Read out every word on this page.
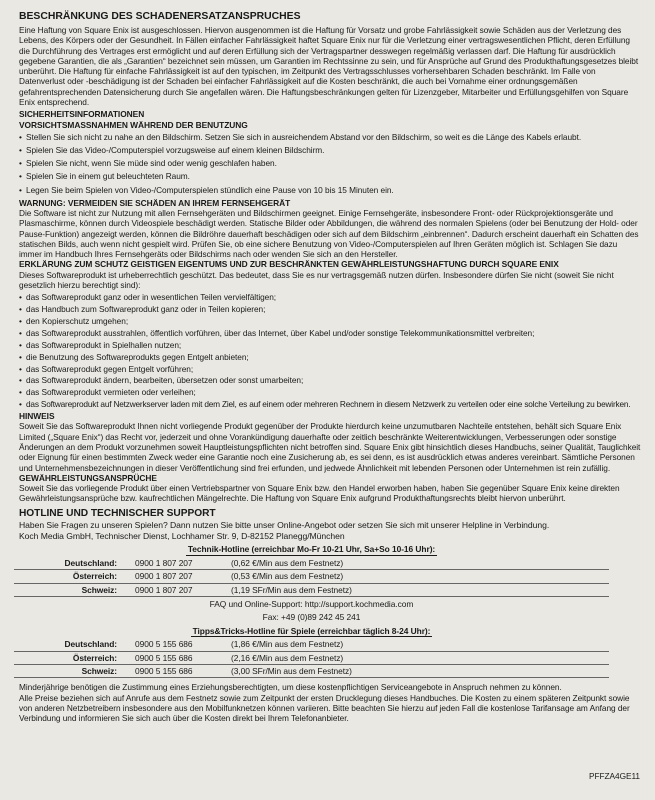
BESCHRÄNKUNG DES SCHADENERSATZANSPRUCHES

Eine Haftung von Square Enix ist ausgeschlossen. Hiervon ausgenommen ist die Haftung für Vorsatz und grobe Fahrlässigkeit sowie Schäden aus der Verletzung des Lebens, des Körpers oder der Gesundheit. In Fällen einfacher Fahrlässigkeit haftet Square Enix nur für die Verletzung einer vertragswesentlichen Pflicht, deren Erfüllung die Durchführung des Vertrages erst ermöglicht und auf deren Erfüllung sich der Vertragspartner desswegen regelmäßig verlassen darf. Die Haftung für ausdrücklich gegebene Garantien, die als „Garantien“ bezeichnet sein müssen, um Garantien im Rechtssinne zu sein, und für Ansprüche auf Grund des Produkthaftungsgesetzes bleibt unberührt. Die Haftung für einfache Fahrlässigkeit ist auf den typischen, im Zeitpunkt des Vertragsschlusses vorhersehbaren Schaden beschränkt. Im Falle von Datenverlust oder -beschädigung ist der Schaden bei einfacher Fahrlässigkeit auf die Kosten beschränkt, die auch bei Vornahme einer ordnungsgemäßen gefahrentsprechenden Datensicherung durch Sie angefallen wären. Die Haftungsbeschränkungen gelten für Lizenzgeber, Mitarbeiter und Erfüllungsgehilfen von Square Enix entsprechend.

SICHERHEITSINFORMATIONEN
VORSICHTSMASSNAHMEN WÄHREND DER BENUTZUNG
• Stellen Sie sich nicht zu nahe an den Bildschirm. Setzen Sie sich in ausreichendem Abstand vor den Bildschirm, so weit es die Länge des Kabels erlaubt.
• Spielen Sie das Video-/Computerspiel vorzugsweise auf einem kleinen Bildschirm.
• Spielen Sie nicht, wenn Sie müde sind oder wenig geschlafen haben.
• Spielen Sie in einem gut beleuchteten Raum.
• Legen Sie beim Spielen von Video-/Computerspielen stündlich eine Pause von 10 bis 15 Minuten ein.
WARNUNG: VERMEIDEN SIE SCHÄDEN AN IHREM FERNSEHGERÄT

Die Software ist nicht zur Nutzung mit allen Fernsehgeräten und Bildschirmen geeignet. Einige Fernsehgeräte, insbesondere Front- oder Rückprojektionsgeräte und Plasmaschirme, können durch Videospiele beschädigt werden. Statische Bilder oder Abbildungen, die während des normalen Spielens (oder bei Benutzung der Hold- oder Pause-Funktion) angezeigt werden, können die Bildröhre dauerhaft beschädigen oder sich auf dem Bildschirm „einbrennen“. Dadurch erscheint dauerhaft ein Schatten des statischen Bilds, auch wenn nicht gespielt wird. Prüfen Sie, ob eine sichere Benutzung von Video-/Computerspielen auf Ihren Geräten möglich ist. Schlagen Sie dazu immer im Handbuch Ihres Fernsehgeräts oder Bildschirms nach oder wenden Sie sich an den Hersteller.

ERKLÄRUNG ZUM SCHUTZ GEISTIGEN EIGENTUMS UND ZUR BESCHRÄNKTEN GEWÄHRLEISTUNGSHAFTUNG DURCH SQUARE ENIX

Dieses Softwareprodukt ist urheberrechtlich geschützt. Das bedeutet, dass Sie es nur vertragsgemäß nutzen dürfen. Insbesondere dürfen Sie nicht (soweit Sie nicht gesetzlich hierzu berechtigt sind):

• das Softwareprodukt ganz oder in wesentlichen Teilen vervielfältigen;
• das Handbuch zum Softwareprodukt ganz oder in Teilen kopieren;
• den Kopierschutz umgehen;
• das Softwareprodukt ausstrahlen, öffentlich vorführen, über das Internet, über Kabel und/oder sonstige Telekommunikationsmittel verbreiten;
• das Softwareprodukt in Spielhallen nutzen;
• die Benutzung des Softwareprodukts gegen Entgelt anbieten;
• das Softwareprodukt gegen Entgelt vorführen;
• das Softwareprodukt ändern, bearbeiten, übersetzen oder sonst umarbeiten;
• das Softwareprodukt vermieten oder verleihen;
• das Softwareprodukt auf Netzwerkserver laden mit dem Ziel, es auf einem oder mehreren Rechnern in diesem Netzwerk zu verteilen oder eine solche Verteilung zu bewirken.
HINWEIS

Soweit Sie das Softwareprodukt Ihnen nicht vorliegende Produkt gegenüber der Produkte hierdurch keine unzumutbaren Nachteile entstehen, behält sich Square Enix Limited („Square Enix“) das Recht vor, jederzeit und ohne Vorankündigung dauerhafte oder zeitlich beschränkte Weiterentwicklungen, Verbesserungen oder sonstige Änderungen an dem Produkt vorzunehmen soweit Hauptleistungspflichten nicht betroffen sind. Square Enix gibt hinsichtlich dieses Handbuchs, seiner Qualität, Tauglichkeit oder Eignung für einen bestimmten Zweck weder eine Garantie noch eine Zusicherung ab, es sei denn, es ist ausdrücklich etwas anderes vereinbart. Sämtliche Personen und Unternehmensbezeichnungen in dieser Veröffentlichung sind frei erfunden, und jedwede Ähnlichkeit mit lebenden Personen oder Unternehmen ist rein zufällig.

GEWÄHRLEISTUNGSANSPRÜCHE

Soweit Sie das vorliegende Produkt über einen Vertriebspartner von Square Enix bzw. den Handel erworben haben, haben Sie gegenüber Square Enix keine direkten Gewährleistungsansprüche bzw. kaufrechtlichen Mängelrechte. Die Haftung von Square Enix aufgrund Produkthaftungsrechts bleibt hiervon unberührt.

HOTLINE UND TECHNISCHER SUPPORT

Haben Sie Fragen zu unseren Spielen? Dann nutzen Sie bitte unser Online-Angebot oder setzen Sie sich mit unserer Helpline in Verbindung.

Koch Media GmbH, Technischer Dienst, Lochhamer Str. 9, D-82152 Planegg/München

Technik-Hotline (erreichbar Mo-Fr 10-21 Uhr, Sa+So 10-16 Uhr):		
Deutschland:	0900 1 807 207	(0,62 €/Min aus dem Festnetz)

Österreich:	0900 1 807 207	(0,53 €/Min aus dem Festnetz)

Schweiz:	0900 1 807 207	(1,19 SFr/Min aus dem Festnetz)

FAQ und Online-Support: http://support.kochmedia.com		
Fax: +49 (0)89 242 45 241		
Tipps&Tricks-Hotline für Spiele (erreichbar täglich 8-24 Uhr):		
Deutschland:	0900 5 155 686	(1,86 €/Min aus dem Festnetz)

Österreich:	0900 5 155 686	(2,16 €/Min aus dem Festnetz)

Schweiz:	0900 5 155 686	(3,00 SFr/Min aus dem Festnetz)

Minderjährige benötigen die Zustimmung eines Erziehungsberechtigten, um diese kostenpflichtigen Serviceangebote in Anspruch nehmen zu können.

Alle Preise beziehen sich auf Anrufe aus dem Festnetz sowie zum Zeitpunkt der ersten Drucklegung dieses Handbuches. Die Kosten zu einem späteren Zeitpunkt sowie von anderen Netzbetreibern insbesondere aus den Mobilfunknetzen können variieren. Bitte beachten Sie hierzu auf jeden Fall die kostenlose Tarifansage am Anfang der Verbindung und informieren Sie sich auch über die Kosten direkt bei Ihrem Telefonanbieter.

PFFZA4GE11
